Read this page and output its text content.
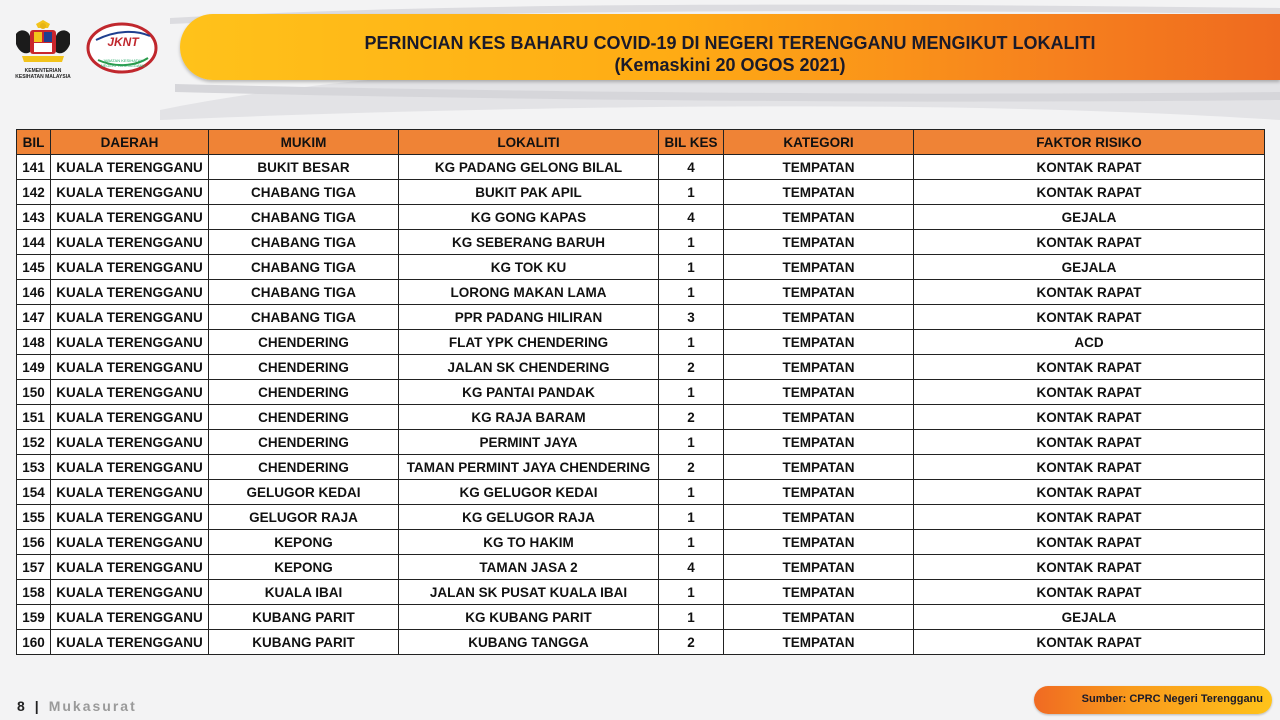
KEMENTERIAN KESIHATAN MALAYSIA
JKNT
JABATAN KESIHATAN NEGERI TERENGGANU
PERINCIAN KES BAHARU COVID-19 DI NEGERI TERENGGANU MENGIKUT LOKALITI
(Kemaskini 20 OGOS 2021)
BIL	DAERAH	MUKIM	LOKALITI	BIL KES	KATEGORI	FAKTOR RISIKO
141	KUALA TERENGGANU	BUKIT BESAR	KG PADANG GELONG BILAL	4	TEMPATAN	KONTAK RAPAT
142	KUALA TERENGGANU	CHABANG TIGA	BUKIT PAK APIL	1	TEMPATAN	KONTAK RAPAT
143	KUALA TERENGGANU	CHABANG TIGA	KG GONG KAPAS	4	TEMPATAN	GEJALA
144	KUALA TERENGGANU	CHABANG TIGA	KG SEBERANG BARUH	1	TEMPATAN	KONTAK RAPAT
145	KUALA TERENGGANU	CHABANG TIGA	KG TOK KU	1	TEMPATAN	GEJALA
146	KUALA TERENGGANU	CHABANG TIGA	LORONG MAKAN LAMA	1	TEMPATAN	KONTAK RAPAT
147	KUALA TERENGGANU	CHABANG TIGA	PPR PADANG HILIRAN	3	TEMPATAN	KONTAK RAPAT
148	KUALA TERENGGANU	CHENDERING	FLAT YPK CHENDERING	1	TEMPATAN	ACD
149	KUALA TERENGGANU	CHENDERING	JALAN SK CHENDERING	2	TEMPATAN	KONTAK RAPAT
150	KUALA TERENGGANU	CHENDERING	KG PANTAI PANDAK	1	TEMPATAN	KONTAK RAPAT
151	KUALA TERENGGANU	CHENDERING	KG RAJA BARAM	2	TEMPATAN	KONTAK RAPAT
152	KUALA TERENGGANU	CHENDERING	PERMINT JAYA	1	TEMPATAN	KONTAK RAPAT
153	KUALA TERENGGANU	CHENDERING	TAMAN PERMINT JAYA CHENDERING	2	TEMPATAN	KONTAK RAPAT
154	KUALA TERENGGANU	GELUGOR KEDAI	KG GELUGOR KEDAI	1	TEMPATAN	KONTAK RAPAT
155	KUALA TERENGGANU	GELUGOR RAJA	KG GELUGOR RAJA	1	TEMPATAN	KONTAK RAPAT
156	KUALA TERENGGANU	KEPONG	KG TO HAKIM	1	TEMPATAN	KONTAK RAPAT
157	KUALA TERENGGANU	KEPONG	TAMAN JASA 2	4	TEMPATAN	KONTAK RAPAT
158	KUALA TERENGGANU	KUALA IBAI	JALAN SK PUSAT KUALA IBAI	1	TEMPATAN	KONTAK RAPAT
159	KUALA TERENGGANU	KUBANG PARIT	KG KUBANG PARIT	1	TEMPATAN	GEJALA
160	KUALA TERENGGANU	KUBANG PARIT	KUBANG TANGGA	2	TEMPATAN	KONTAK RAPAT
8 | Mukasurat	Sumber: CPRC Negeri Terengganu
